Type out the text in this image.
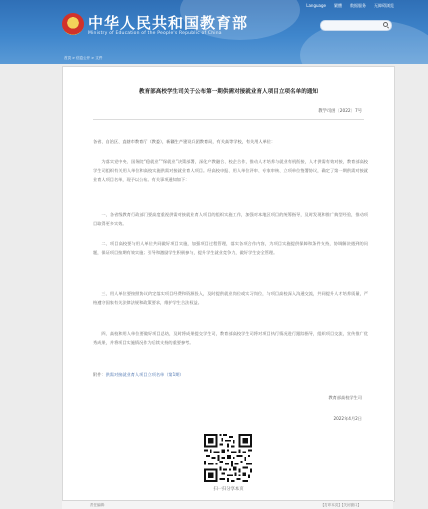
中华人民共和国教育部
Ministry of Education of the People's Republic of China
Language 繁體 数据服务 无障碍浏览
首页 > 信息公开 > 文件
教育部高校学生司关于公布第一期供需对接就业育人项目立项名单的通知
教学司函〔2022〕7号
各省、自治区、直辖市教育厅（教委），新疆生产建设兵团教育局，有关高等学校，有关用人单位：
为落实党中央、国务院“稳就业”“保就业”决策部署，深化产教融合、校企合作，推动人才培养与就业有机衔接，人才供需有效对接，教育部高校学生司组织有关用人单位和高校实施供需对接就业育人项目。经高校申报、用人单位评审、专家审核、立项单位签署协议，确定了第一期供需对接就业育人项目名单，现予以公布。有关事项通知如下：
一、各省级教育行政部门要高度重视供需对接就业育人项目的组织实施工作，加强对本地区项目的统筹指导，及时发现和推广典型经验，推动项目取得更多实效。
二、项目高校要与用人单位共同做好项目实施，加强项目过程管理，落实各项合作内容，为项目实施提供保障和条件支持，协调解决遇到的问题，保证项目按期有效实施；引导和激励学生积极参与，提升学生就业竞争力，做好学生安全管理。
三、用人单位要按照协议约定落实项目经费和资源投入，及时提供就业岗位或实习岗位，与项目高校深入沟通交流，共同提升人才培养质量，严格遵守国家有关法律法规和政策要求，维护学生合法权益。
四、高校和用人单位要做好项目总结，及时将成果提交学生司，教育部高校学生司将对项目执行情况进行跟踪指导，组织项目交流，宣传推广优秀成果，并将项目实施情况作为后续支持的重要参考。
附件：供需对接就业育人项目立项名单（第1期）
教育部高校学生司
2022年4月2日
扫一扫分享本页
责任编辑：	【打印本页】【关闭窗口】
